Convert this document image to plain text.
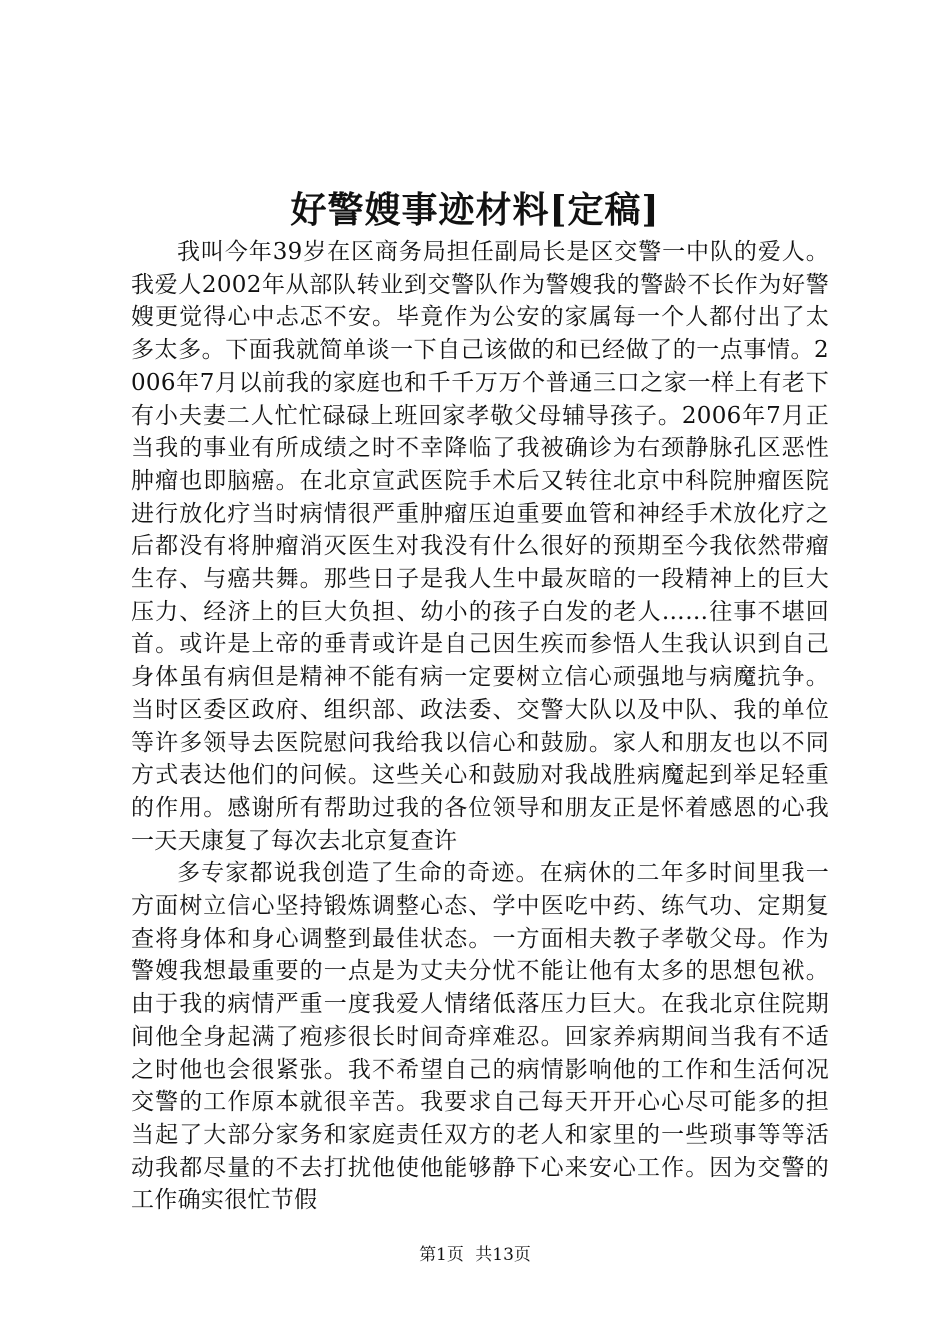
好警嫂事迹材料[定稿]

我叫今年39岁在区商务局担任副局长是区交警一中队的爱人。我爱人2002年从部队转业到交警队作为警嫂我的警龄不长作为好警嫂更觉得心中忐忑不安。毕竟作为公安的家属每一个人都付出了太多太多。下面我就简单谈一下自己该做的和已经做了的一点事情。2006年7月以前我的家庭也和千千万万个普通三口之家一样上有老下有小夫妻二人忙忙碌碌上班回家孝敬父母辅导孩子。2006年7月正当我的事业有所成绩之时不幸降临了我被确诊为右颈静脉孔区恶性肿瘤也即脑癌。在北京宣武医院手术后又转往北京中科院肿瘤医院进行放化疗当时病情很严重肿瘤压迫重要血管和神经手术放化疗之后都没有将肿瘤消灭医生对我没有什么很好的预期至今我依然带瘤生存、与癌共舞。那些日子是我人生中最灰暗的一段精神上的巨大压力、经济上的巨大负担、幼小的孩子白发的老人……往事不堪回首。或许是上帝的垂青或许是自己因生疾而参悟人生我认识到自己身体虽有病但是精神不能有病一定要树立信心顽强地与病魔抗争。当时区委区政府、组织部、政法委、交警大队以及中队、我的单位等许多领导去医院慰问我给我以信心和鼓励。家人和朋友也以不同方式表达他们的问候。这些关心和鼓励对我战胜病魔起到举足轻重的作用。感谢所有帮助过我的各位领导和朋友正是怀着感恩的心我一天天康复了每次去北京复查许

多专家都说我创造了生命的奇迹。在病休的二年多时间里我一方面树立信心坚持锻炼调整心态、学中医吃中药、练气功、定期复查将身体和身心调整到最佳状态。一方面相夫教子孝敬父母。作为警嫂我想最重要的一点是为丈夫分忧不能让他有太多的思想包袱。由于我的病情严重一度我爱人情绪低落压力巨大。在我北京住院期间他全身起满了疱疹很长时间奇痒难忍。回家养病期间当我有不适之时他也会很紧张。我不希望自己的病情影响他的工作和生活何况交警的工作原本就很辛苦。我要求自己每天开开心心尽可能多的担当起了大部分家务和家庭责任双方的老人和家里的一些琐事等等活动我都尽量的不去打扰他使他能够静下心来安心工作。因为交警的工作确实很忙节假

第1页 共13页
